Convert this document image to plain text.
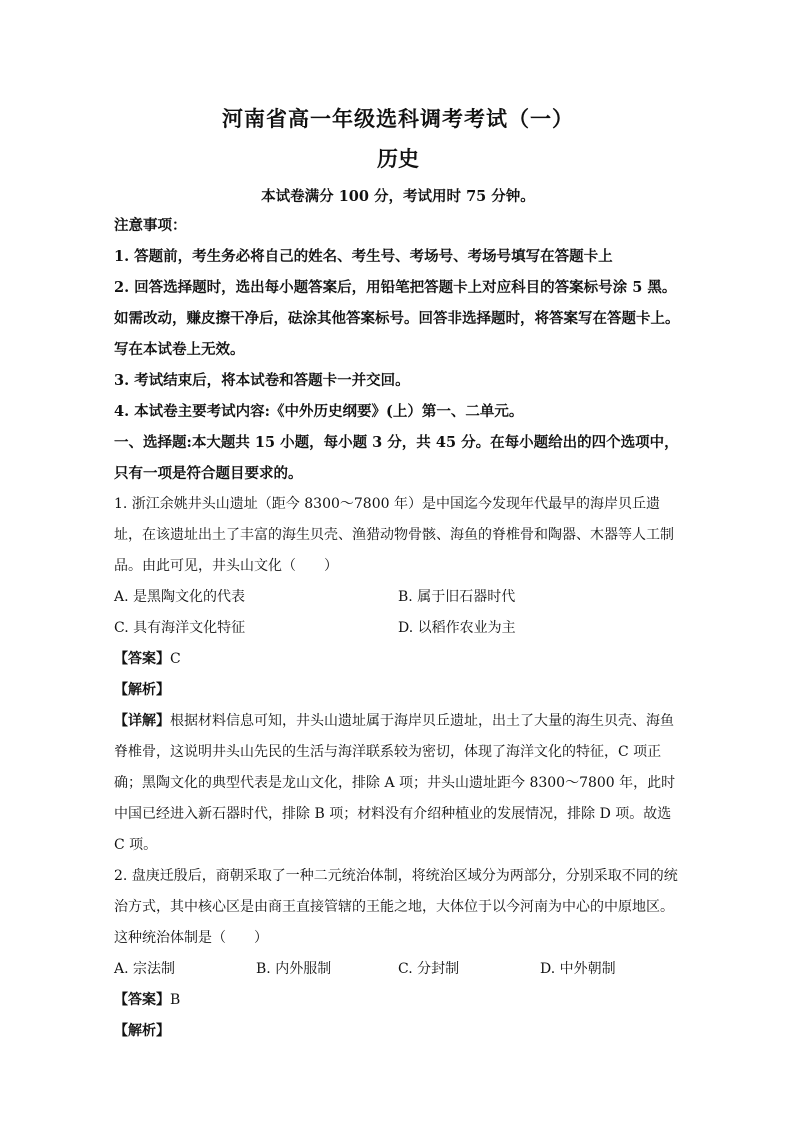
河南省高一年级选科调考考试（一）

历史

本试卷满分 100 分，考试用时 75 分钟。

注意事项：

1. 答题前，考生务必将自己的姓名、考生号、考场号、考场号填写在答题卡上

2. 回答选择题时，选出每小题答案后，用铅笔把答题卡上对应科目的答案标号涂 5 黑。如需改动，赚皮擦干净后，砝涂其他答案标号。回答非选择题时，将答案写在答题卡上。写在本试卷上无效。

3. 考试结束后，将本试卷和答题卡一并交回。

4. 本试卷主要考试内容:《中外历史纲要》(上）第一、二单元。

一、选择题:本大题共 15 小题，每小题 3 分，共 45 分。在每小题给出的四个选项中，只有一项是符合题目要求的。

1. 浙江余姚井头山遗址（距今 8300～7800 年）是中国迄今发现年代最早的海岸贝丘遗址，在该遗址出土了丰富的海生贝壳、渔猎动物骨骸、海鱼的脊椎骨和陶器、木器等人工制品。由此可见，井头山文化（　　）

A. 是黑陶文化的代表	B. 属于旧石器时代
C. 具有海洋文化特征	D. 以稻作农业为主

【答案】C

【解析】

【详解】根据材料信息可知，井头山遗址属于海岸贝丘遗址，出土了大量的海生贝壳、海鱼脊椎骨，这说明井头山先民的生活与海洋联系较为密切，体现了海洋文化的特征，C 项正确；黑陶文化的典型代表是龙山文化，排除 A 项；井头山遗址距今 8300～7800 年，此时中国已经进入新石器时代，排除 B 项；材料没有介绍种植业的发展情况，排除 D 项。故选 C 项。

2. 盘庚迁殷后，商朝采取了一种二元统治体制，将统治区域分为两部分，分别采取不同的统治方式，其中核心区是由商王直接管辖的王能之地，大体位于以今河南为中心的中原地区。这种统治体制是（　　）

A. 宗法制	B. 内外服制	C. 分封制	D. 中外朝制

【答案】B

【解析】
